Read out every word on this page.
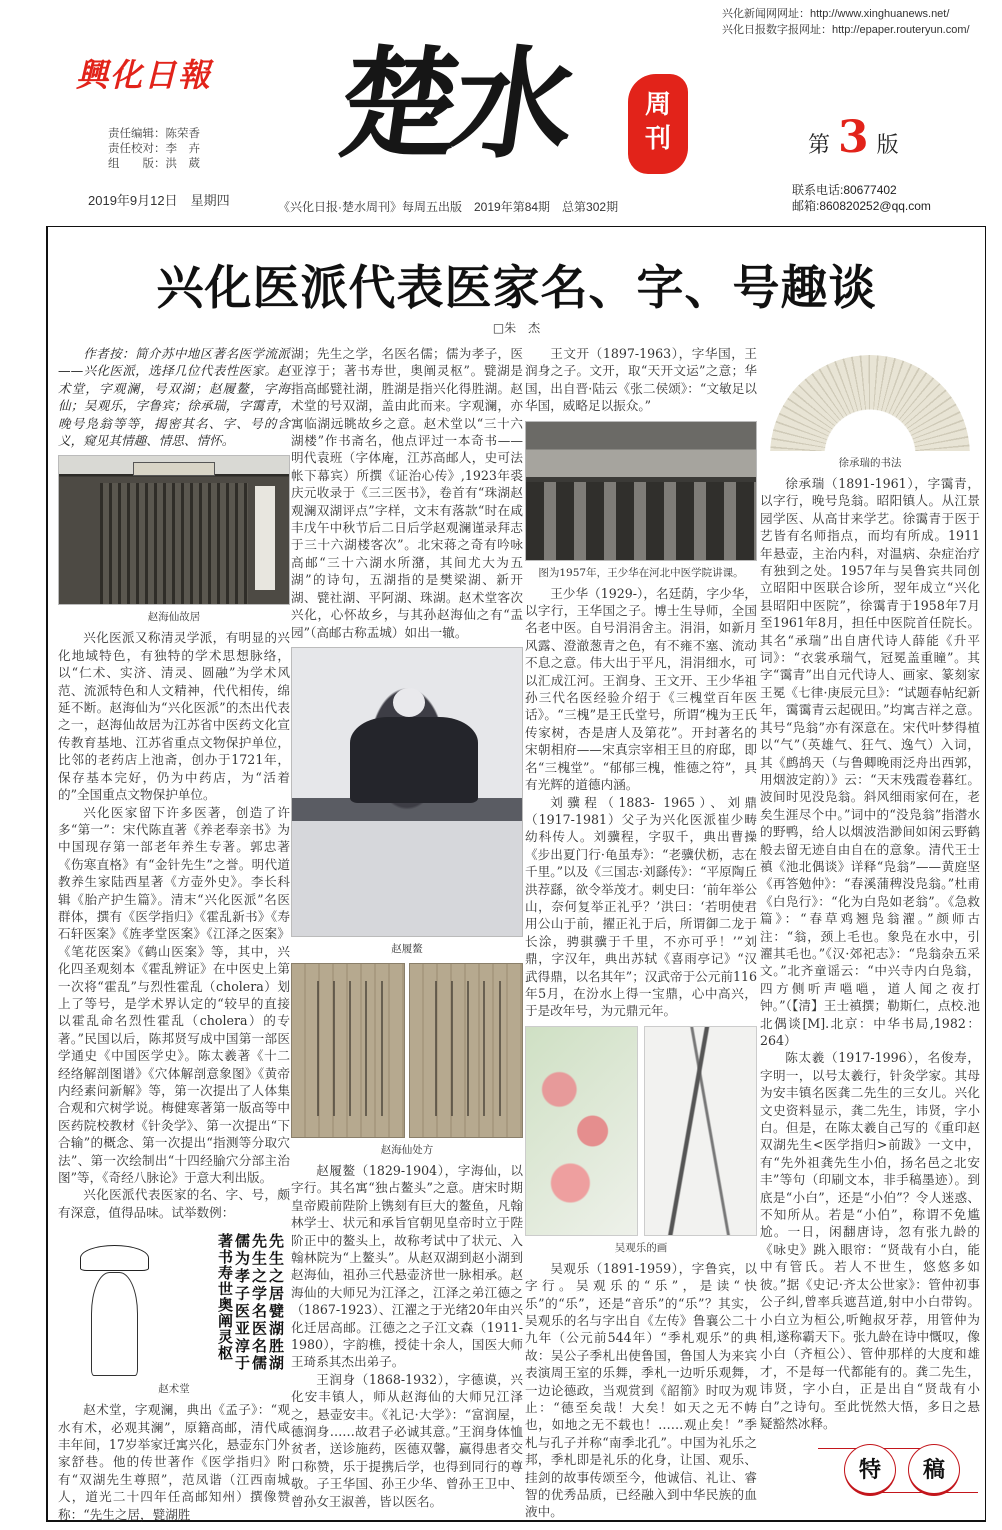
興化日報
责任编辑：陈荣香
责任校对：李　卉
组　　版：洪　葳
2019年9月12日　星期四
楚水	周
刊
《兴化日报·楚水周刊》每周五出版　2019年第84期　总第302期
兴化新闻网网址：http://www.xinghuanews.net/
兴化日报数字报网址：http://epaper.routeryun.com/
第 3 版
联系电话:80677402
邮箱:860820252@qq.com
兴化医派代表医家名、字、号趣谈
□朱　杰

作者按：简介苏中地区著名医学流派——兴化医派，选择几位代表性医家。赵术堂，字观澜，号双湖；赵履鳌，字海仙；吴观乐，字鲁宾；徐承瑞，字霭青，晚号凫翁等等，揭密其名、字、号的含义，窥见其情趣、情思、情怀。

赵海仙故居

兴化医派又称清灵学派，有明显的兴化地域特色，有独特的学术思想脉络，以“仁术、实济、清灵、圆融”为学术风范、流派特色和人文精神，代代相传，绵延不断。赵海仙为“兴化医派”的杰出代表之一，赵海仙故居为江苏省中医药文化宣传教育基地、江苏省重点文物保护单位，比邻的老药店上池斋，创办于1721年，保存基本完好，仍为中药店，为“活着的”全国重点文物保护单位。

兴化医家留下许多医著，创造了许多“第一”：宋代陈直著《养老奉亲书》为中国现存第一部老年养生专著。郭忠著《伤寒直格》有“金针先生”之誉。明代道教养生家陆西星著《方壶外史》。李长科辑《胎产护生篇》。清末“兴化医派”名医群体，撰有《医学指归》《霍乱新书》《寿石轩医案》《旌孝堂医案》《江泽之医案》《笔花医案》《鹤山医案》等，其中，兴化四圣观刻本《霍乱辨证》在中医史上第一次将“霍乱”与烈性霍乱（cholera）划上了等号，是学术界认定的“较早的直接以霍乱命名烈性霍乱（cholera）的专著。”民国以后，陈邦贤写成中国第一部医学通史《中国医学史》。陈太羲著《十二经络解剖图谱》《穴体解剖意象图》《黄帝内经素问新解》等，第一次提出了人体集合观和穴树学说。梅健寒著第一版高等中医药院校教材《针灸学》、第一次提出“下合输”的概念、第一次提出“指测等分取穴法”、第一次绘制出“十四经腧穴分部主治图”等，《奇经八脉论》于意大利出版。

兴化医派代表医家的名、字、号，颇有深意，值得品味。试举数例：

先生之居甓湖胜湖先生之学名医名儒儒为孝子医亚淳于著书寿世奥阐灵枢
赵术堂

赵术堂，字观澜，典出《孟子》：“观水有术，必观其澜”，原籍高邮，清代咸丰年间，17岁举家迁寓兴化，悬壶东门外家舒巷。他的传世著作《医学指归》附有“双湖先生尊照”，范凤谐（江西南城人，道光二十四年任高邮知州）撰像赞称：“先生之居，甓湖胜

湖；先生之学，名医名儒；儒为孝子，医亚淳于；著书寿世，奥阐灵枢”。甓湖是指高邮甓社湖，胜湖是指兴化得胜湖。赵术堂的号双湖，盖由此而来。字观澜，亦寓临湖远眺故乡之意。赵术堂以“三十六湖楼”作书斋名，他点评过一本奇书——明代袁班（字体庵，江苏高邮人，史可法帐下幕宾）所撰《证治心传》,1923年裘庆元收录于《三三医书》，卷首有“珠湖赵观澜双湖评点”字样，文末有落款“时在咸丰戊午中秋节后二日后学赵观澜谨录拜志于三十六湖楼客次”。北宋蒋之奇有吟咏高邮“三十六湖水所潴，其间尤大为五湖”的诗句，五湖指的是樊梁湖、新开湖、甓社湖、平阿湖、珠湖。赵术堂客次兴化，心怀故乡，与其孙赵海仙之有“盂园”（高邮古称盂城）如出一辙。

赵履鳌
赵海仙处方

赵履鳌（1829-1904），字海仙，以字行。其名寓“独占鳌头”之意。唐宋时期皇帝殿前陛阶上镌刻有巨大的鳌鱼，凡翰林学士、状元和承旨官朝见皇帝时立于陛阶正中的鳌头上，故称考试中了状元、入翰林院为“上鳌头”。从赵双湖到赵小湖到赵海仙，祖孙三代悬壶济世一脉相承。赵海仙的大师兄为江泽之，江泽之弟江德之（1867-1923）、江濯之于光绪20年由兴化迁居高邮。江德之之子江文森（1911-1980），字韵樵，授徒十余人，国医大师王琦系其杰出弟子。

王润身（1868-1932），字德谟，兴化安丰镇人，师从赵海仙的大师兄江泽之，悬壶安丰。《礼记·大学》：“富润屋，德润身……故君子必诚其意。”王润身体恤贫者，送诊施药，医德双馨，赢得患者交口称赞，乐于提携后学，也得到同行的尊敬。子王华国、孙王少华、曾孙王卫中、曾孙女王淑善，皆以医名。

王文开（1897-1963），字华国，王润身之子。文开，取“天开文运”之意；华国，出自晋·陆云《张二侯颂》：“文敏足以华国，威略足以振众。”

图为1957年，王少华在河北中医学院讲课。

王少华（1929-），名廷荫，字少华，以字行，王华国之子。博士生导师，全国名老中医。自号涓涓舍主。涓涓，如新月风露、澄澈葱青之色，有不雍不塞、流动不息之意。伟大出于平凡，涓涓细水，可以汇成江河。王润身、王文开、王少华祖孙三代名医经验介绍于《三槐堂百年医话》。“三槐”是王氏堂号，所谓“槐为王氏传家树，杏是唐人及第花”。开封著名的宋朝相府——宋真宗宰相王旦的府邸，即名“三槐堂”。“郁郁三槐，惟德之符”，具有光辉的道德内涵。

刘骥程（1883- 1965）、刘鼎（1917-1981）父子为兴化医派崔少畴幼科传人。刘骥程，字驭千，典出曹操《步出夏门行·龟虽寿》：“老骥伏枥，志在千里。”以及《三国志·刘繇传》：“平原陶丘洪荐繇，欲令举茂才。刺史曰：‘前年举公山，奈何复举正礼乎？’洪曰：‘若明使君用公山于前，擢正礼于后，所谓御二龙于长涂，骋骐骥于千里，不亦可乎！’”刘鼎，字汉年，典出苏轼《喜雨亭记》“汉武得鼎，以名其年”；汉武帝于公元前116年5月，在汾水上得一宝鼎，心中高兴，于是改年号，为元鼎元年。

吴观乐的画

吴观乐（1891-1959），字鲁宾，以字行。吴观乐的“乐”，是读“快乐”的“乐”，还是“音乐”的“乐”？其实，吴观乐的名与字出自《左传》鲁襄公二十九年（公元前544年）“季札观乐”的典故：吴公子季札出使鲁国，鲁国人为来宾表演周王室的乐舞，季札一边听乐观舞，一边论德政，当观赏到《韶箾》时叹为观止：“德至矣哉！大矣！如天之无不帱也，如地之无不载也！……观止矣！”季札与孔子并称“南季北孔”。中国为礼乐之邦，季札即是礼乐的化身，让国、观乐、挂剑的故事传颂至今，他诚信、礼让、睿智的优秀品质，已经融入到中华民族的血液中。

徐承瑞的书法

徐承瑞（1891-1961），字霭青，以字行，晚号凫翁。昭阳镇人。从江景园学医、从高甘来学艺。徐霭青于医于艺皆有名师指点，而均有所成。1911年悬壶，主治内科，对温病、杂症治疗有独到之处。1957年与吴鲁宾共同创立昭阳中医联合诊所，翌年成立“兴化县昭阳中医院”，徐霭青于1958年7月至1961年8月，担任中医院首任院长。其名“承瑞”出自唐代诗人薛能《升平词》：“衣裳承瑞气，冠冕盖重瞳”。其字“霭青”出自元代诗人、画家、篆刻家王冕《七律·庚辰元旦》：“试题春帖纪新年，霭霭青云起砚田。”均寓吉祥之意。其号“凫翁”亦有深意在。宋代叶梦得植以“气”（英雄气、狂气、逸气）入词，其《鹧鸪天（与鲁卿晚雨泛舟出西郭，用烟波定韵）》云：“天末残霞卷暮红。波间时见没凫翁。斜风细雨家何在，老矣生涯尽个中。”词中的“没凫翁”指潜水的野鸭，给人以烟波浩渺间如闲云野鹤般去留无迹自由自在的意象。清代王士禛《池北偶谈》详释“凫翁”——黄庭坚《再答勉仲》：“春溪蒲稗没凫翁。”杜甫《白凫行》：“化为白凫如老翁”。《急救篇》：“春草鸡翘凫翁濯。”颜师古注：“翁，颈上毛也。象凫在水中，引濯其毛也。”《汉·郊祀志》：“凫翁杂五采文。”北齐童谣云：“中兴寺内白凫翁，四方侧听声嗈嗈，道人闻之夜打钟。”（【清】王士禛撰；勒斯仁，点校.池北偶谈[M].北京：中华书局,1982：264）

陈太羲（1917-1996），名俊寿，字明一，以号太羲行，针灸学家。其母为安丰镇名医龚二先生的三女儿。兴化文史资料显示，龚二先生，讳贤，字小白。但是，在陈太羲自己写的《重印赵双湖先生<医学指归>前跋》一文中，有“先外祖龚先生小伯，扬名邑之北安丰”等句（印刷文本，非手稿墨迹）。到底是“小白”，还是“小伯”？令人迷惑、不知所从。若是“小伯”，称谓不免尴尬。一日，闲翻唐诗，忽有张九龄的《咏史》跳入眼帘：“贤哉有小白，能中有管氏。若人不世生，悠悠多如彼。”据《史记·齐太公世家》：管仲初事公子纠,曾率兵遮莒道,射中小白带钩。小白立为桓公,听鲍叔牙荐，用管仲为相,遂称霸天下。张九龄在诗中慨叹，像小白（齐桓公）、管仲那样的大度和雄才，不是每一代都能有的。龚二先生，讳贤，字小白，正是出自“贤哉有小白”之诗句。至此恍然大悟，多日之悬疑豁然冰释。

特	稿
